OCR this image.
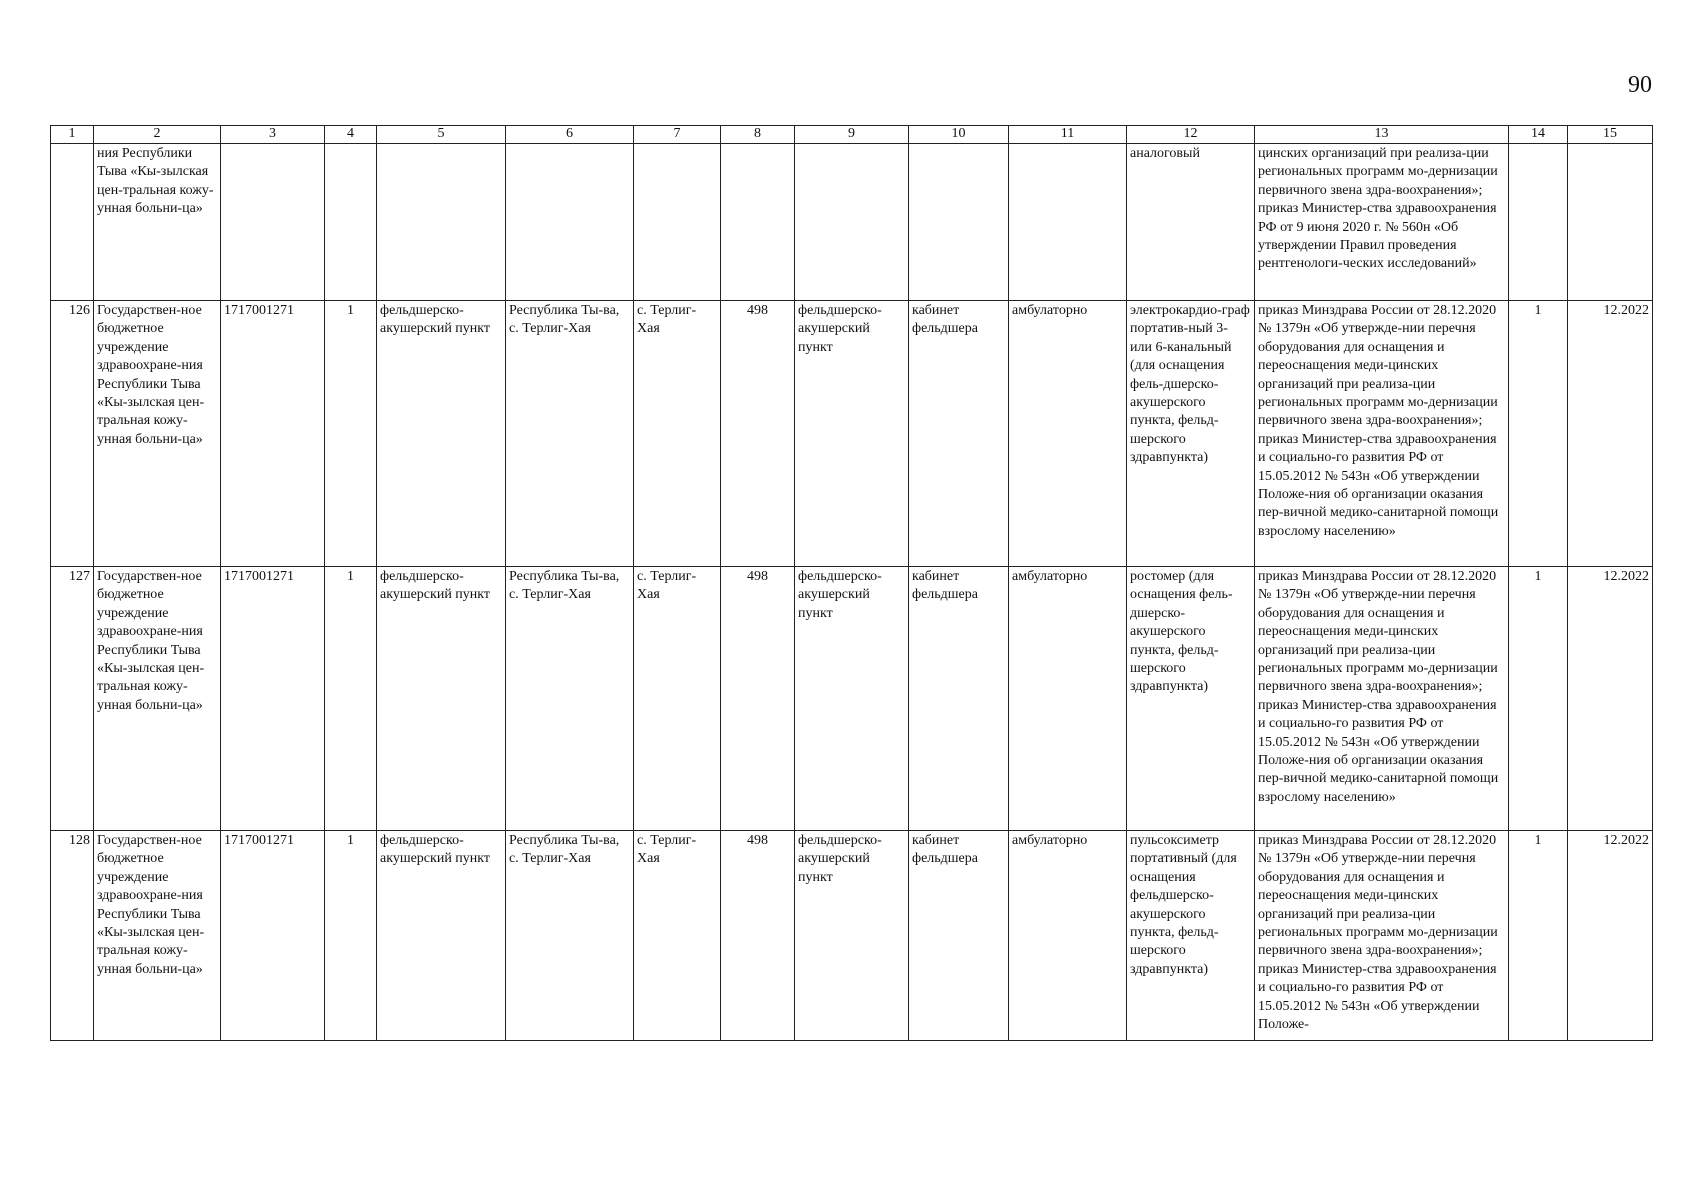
90
1	2	3	4	5	6	7	8	9	10	11	12	13	14	15
	ния Республики Тыва «Кы-зылская цен-тральная кожу-унная больни-ца»										аналоговый	цинских организаций при реализа-ции региональных программ мо-дернизации первичного звена здра-воохранения»; приказ Министер-ства здравоохранения РФ от 9 июня 2020 г. № 560н «Об утверждении Правил проведения рентгенологи-ческих исследований»		
126	Государствен-ное бюджетное учреждение здравоохране-ния Республики Тыва «Кы-зылская цен-тральная кожу-унная больни-ца»	1717001271	1	фельдшерско-акушерский пункт	Республика Ты-ва, с. Терлиг-Хая	с. Терлиг-Хая	498	фельдшерско-акушерский пункт	кабинет фельдшера	амбулаторно	электрокардио-граф портатив-ный 3- или 6-канальный (для оснащения фель-дшерско-акушерского пункта, фельд-шерского здравпункта)	приказ Минздрава России от 28.12.2020 № 1379н «Об утвержде-нии перечня оборудования для оснащения и переоснащения меди-цинских организаций при реализа-ции региональных программ мо-дернизации первичного звена здра-воохранения»; приказ Министер-ства здравоохранения и социально-го развития РФ от 15.05.2012 № 543н «Об утверждении Положе-ния об организации оказания пер-вичной медико-санитарной помощи взрослому населению»	1	12.2022
127	Государствен-ное бюджетное учреждение здравоохране-ния Республики Тыва «Кы-зылская цен-тральная кожу-унная больни-ца»	1717001271	1	фельдшерско-акушерский пункт	Республика Ты-ва, с. Терлиг-Хая	с. Терлиг-Хая	498	фельдшерско-акушерский пункт	кабинет фельдшера	амбулаторно	ростомер (для оснащения фель-дшерско-акушерского пункта, фельд-шерского здравпункта)	приказ Минздрава России от 28.12.2020 № 1379н «Об утвержде-нии перечня оборудования для оснащения и переоснащения меди-цинских организаций при реализа-ции региональных программ мо-дернизации первичного звена здра-воохранения»; приказ Министер-ства здравоохранения и социально-го развития РФ от 15.05.2012 № 543н «Об утверждении Положе-ния об организации оказания пер-вичной медико-санитарной помощи взрослому населению»	1	12.2022
128	Государствен-ное бюджетное учреждение здравоохране-ния Республики Тыва «Кы-зылская цен-тральная кожу-унная больни-ца»	1717001271	1	фельдшерско-акушерский пункт	Республика Ты-ва, с. Терлиг-Хая	с. Терлиг-Хая	498	фельдшерско-акушерский пункт	кабинет фельдшера	амбулаторно	пульсоксиметр портативный (для оснащения фельдшерско-акушерского пункта, фельд-шерского здравпункта)	приказ Минздрава России от 28.12.2020 № 1379н «Об утвержде-нии перечня оборудования для оснащения и переоснащения меди-цинских организаций при реализа-ции региональных программ мо-дернизации первичного звена здра-воохранения»; приказ Министер-ства здравоохранения и социально-го развития РФ от 15.05.2012 № 543н «Об утверждении Положе-	1	12.2022
